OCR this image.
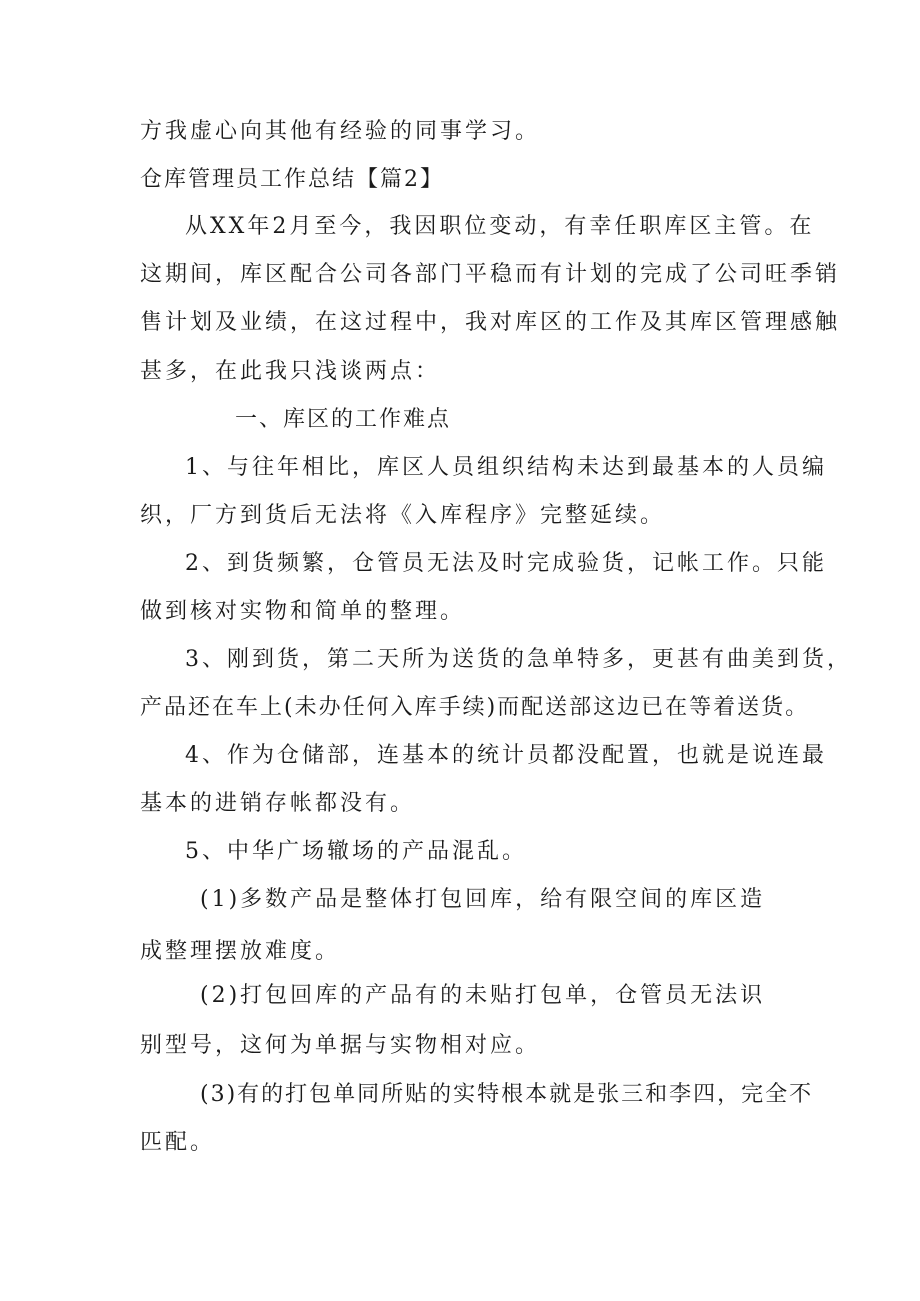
方我虚心向其他有经验的同事学习。
仓库管理员工作总结【篇2】
从XX年2月至今，我因职位变动，有幸任职库区主管。在
这期间，库区配合公司各部门平稳而有计划的完成了公司旺季销
售计划及业绩，在这过程中，我对库区的工作及其库区管理感触
甚多，在此我只浅谈两点：
一、库区的工作难点
1、与往年相比，库区人员组织结构未达到最基本的人员编
织，厂方到货后无法将《入库程序》完整延续。
2、到货频繁，仓管员无法及时完成验货，记帐工作。只能
做到核对实物和简单的整理。
3、刚到货，第二天所为送货的急单特多，更甚有曲美到货，
产品还在车上(未办任何入库手续)而配送部这边已在等着送货。
4、作为仓储部，连基本的统计员都没配置，也就是说连最
基本的进销存帐都没有。
5、中华广场辙场的产品混乱。
(1)多数产品是整体打包回库，给有限空间的库区造
成整理摆放难度。
(2)打包回库的产品有的未贴打包单，仓管员无法识
别型号，这何为单据与实物相对应。
(3)有的打包单同所贴的实特根本就是张三和李四，完全不
匹配。
